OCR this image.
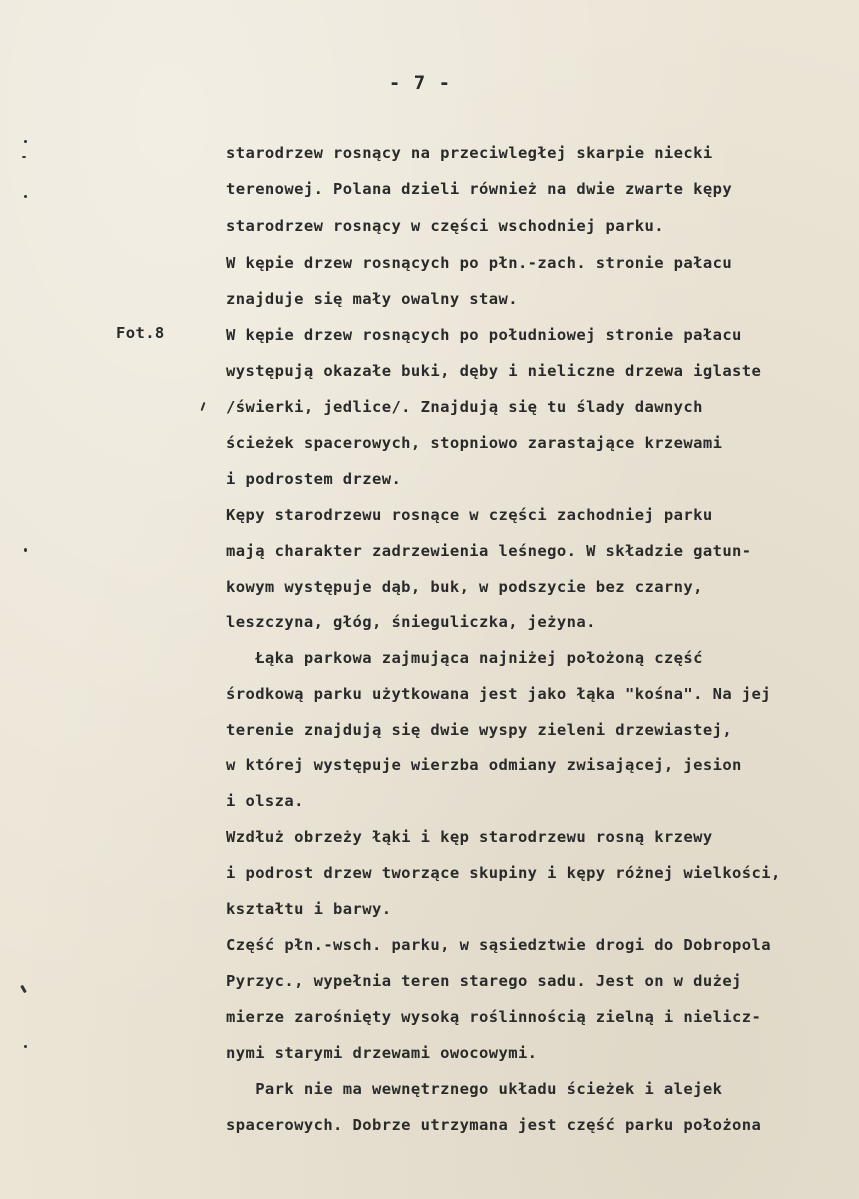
- 7 -
Fot.8
starodrzew rosnący na przeciwległej skarpie niecki
terenowej. Polana dzieli również na dwie zwarte kępy
starodrzew rosnący w części wschodniej parku.
W kępie drzew rosnących po płn.-zach. stronie pałacu
znajduje się mały owalny staw.
W kępie drzew rosnących po południowej stronie pałacu
występują okazałe buki, dęby i nieliczne drzewa iglaste
/świerki, jedlice/. Znajdują się tu ślady dawnych
ścieżek spacerowych, stopniowo zarastające krzewami
i podrostem drzew.
Kępy starodrzewu rosnące w części zachodniej parku
mają charakter zadrzewienia leśnego. W składzie gatun-
kowym występuje dąb, buk, w podszycie bez czarny,
leszczyna, głóg, śnieguliczka, jeżyna.
Łąka parkowa zajmująca najniżej położoną część
środkową parku użytkowana jest jako łąka "kośna". Na jej
terenie znajdują się dwie wyspy zieleni drzewiastej,
w której występuje wierzba odmiany zwisającej, jesion
i olsza.
Wzdłuż obrzeży łąki i kęp starodrzewu rosną krzewy
i podrost drzew tworzące skupiny i kępy różnej wielkości,
kształtu i barwy.
Część płn.-wsch. parku, w sąsiedztwie drogi do Dobropola
Pyrzyc., wypełnia teren starego sadu. Jest on w dużej
mierze zarośnięty wysoką roślinnością zielną i nielicz-
nymi starymi drzewami owocowymi.
Park nie ma wewnętrznego układu ścieżek i alejek
spacerowych. Dobrze utrzymana jest część parku położona
